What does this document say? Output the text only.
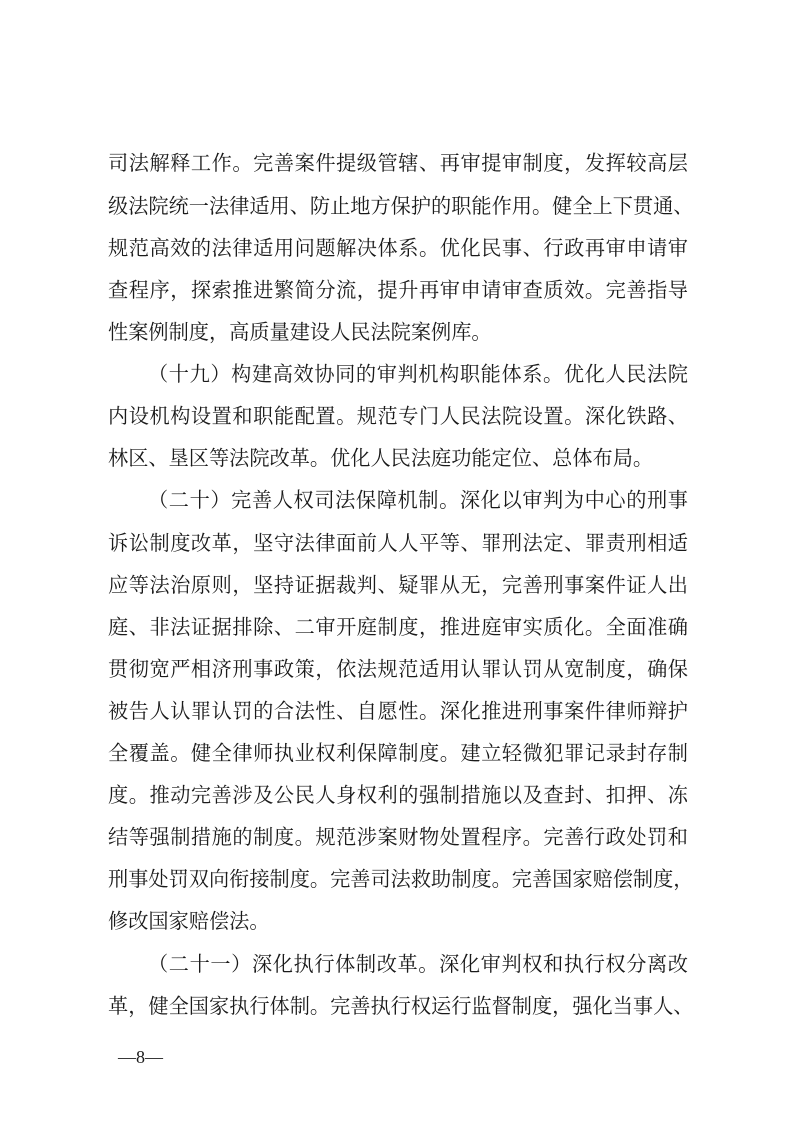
司法解释工作。完善案件提级管辖、再审提审制度，发挥较高层
级法院统一法律适用、防止地方保护的职能作用。健全上下贯通、
规范高效的法律适用问题解决体系。优化民事、行政再审申请审
查程序，探索推进繁简分流，提升再审申请审查质效。完善指导
性案例制度，高质量建设人民法院案例库。
（十九）构建高效协同的审判机构职能体系。优化人民法院
内设机构设置和职能配置。规范专门人民法院设置。深化铁路、
林区、垦区等法院改革。优化人民法庭功能定位、总体布局。
（二十）完善人权司法保障机制。深化以审判为中心的刑事
诉讼制度改革，坚守法律面前人人平等、罪刑法定、罪责刑相适
应等法治原则，坚持证据裁判、疑罪从无，完善刑事案件证人出
庭、非法证据排除、二审开庭制度，推进庭审实质化。全面准确
贯彻宽严相济刑事政策，依法规范适用认罪认罚从宽制度，确保
被告人认罪认罚的合法性、自愿性。深化推进刑事案件律师辩护
全覆盖。健全律师执业权利保障制度。建立轻微犯罪记录封存制
度。推动完善涉及公民人身权利的强制措施以及查封、扣押、冻
结等强制措施的制度。规范涉案财物处置程序。完善行政处罚和
刑事处罚双向衔接制度。完善司法救助制度。完善国家赔偿制度，
修改国家赔偿法。
（二十一）深化执行体制改革。深化审判权和执行权分离改
革，健全国家执行体制。完善执行权运行监督制度，强化当事人、
—8—
